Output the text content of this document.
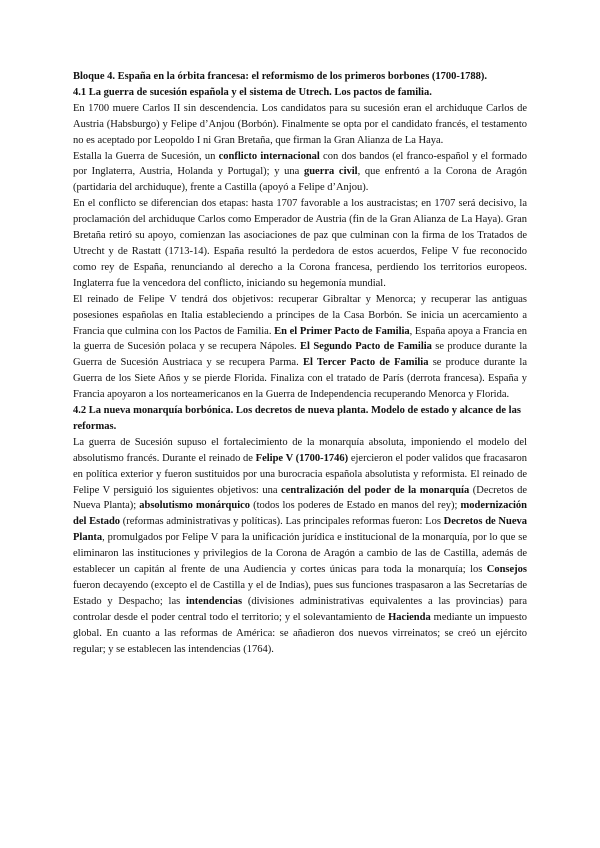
Bloque 4. España en la órbita francesa: el reformismo de los primeros borbones (1700-1788).
4.1 La guerra de sucesión española y el sistema de Utrech. Los pactos de familia.

En 1700 muere Carlos II sin descendencia. Los candidatos para su sucesión eran el archiduque Carlos de Austria (Habsburgo) y Felipe d’Anjou (Borbón). Finalmente se opta por el candidato francés, el testamento no es aceptado por Leopoldo I ni Gran Bretaña, que firman la Gran Alianza de La Haya.

Estalla la Guerra de Sucesión, un conflicto internacional con dos bandos (el franco-español y el formado por Inglaterra, Austria, Holanda y Portugal); y una guerra civil, que enfrentó a la Corona de Aragón (partidaria del archiduque), frente a Castilla (apoyó a Felipe d’Anjou).

En el conflicto se diferencian dos etapas: hasta 1707 favorable a los austracistas; en 1707 será decisivo, la proclamación del archiduque Carlos como Emperador de Austria (fin de la Gran Alianza de La Haya). Gran Bretaña retiró su apoyo, comienzan las asociaciones de paz que culminan con la firma de los Tratados de Utrecht y de Rastatt (1713-14). España resultó la perdedora de estos acuerdos, Felipe V fue reconocido como rey de España, renunciando al derecho a la Corona francesa, perdiendo los territorios europeos. Inglaterra fue la vencedora del conflicto, iniciando su hegemonía mundial.

El reinado de Felipe V tendrá dos objetivos: recuperar Gibraltar y Menorca; y recuperar las antiguas posesiones españolas en Italia estableciendo a príncipes de la Casa Borbón. Se inicia un acercamiento a Francia que culmina con los Pactos de Familia. En el Primer Pacto de Familia, España apoya a Francia en la guerra de Sucesión polaca y se recupera Nápoles. El Segundo Pacto de Familia se produce durante la Guerra de Sucesión Austriaca y se recupera Parma. El Tercer Pacto de Familia se produce durante la Guerra de los Siete Años y se pierde Florida. Finaliza con el tratado de París (derrota francesa). España y Francia apoyaron a los norteamericanos en la Guerra de Independencia recuperando Menorca y Florida.

4.2 La nueva monarquía borbónica. Los decretos de nueva planta. Modelo de estado y alcance de las reformas.

La guerra de Sucesión supuso el fortalecimiento de la monarquía absoluta, imponiendo el modelo del absolutismo francés. Durante el reinado de Felipe V (1700-1746) ejercieron el poder validos que fracasaron en política exterior y fueron sustituidos por una burocracia española absolutista y reformista. El reinado de Felipe V persiguió los siguientes objetivos: una centralización del poder de la monarquía (Decretos de Nueva Planta); absolutismo monárquico (todos los poderes de Estado en manos del rey); modernización del Estado (reformas administrativas y políticas). Las principales reformas fueron: Los Decretos de Nueva Planta, promulgados por Felipe V para la unificación jurídica e institucional de la monarquía, por lo que se eliminaron las instituciones y privilegios de la Corona de Aragón a cambio de las de Castilla, además de establecer un capitán al frente de una Audiencia y cortes únicas para toda la monarquía; los Consejos fueron decayendo (excepto el de Castilla y el de Indias), pues sus funciones traspasaron a las Secretarías de Estado y Despacho; las intendencias (divisiones administrativas equivalentes a las provincias) para controlar desde el poder central todo el territorio; y el solevantamiento de Hacienda mediante un impuesto global. En cuanto a las reformas de América: se añadieron dos nuevos virreinatos; se creó un ejército regular; y se establecen las intendencias (1764).
